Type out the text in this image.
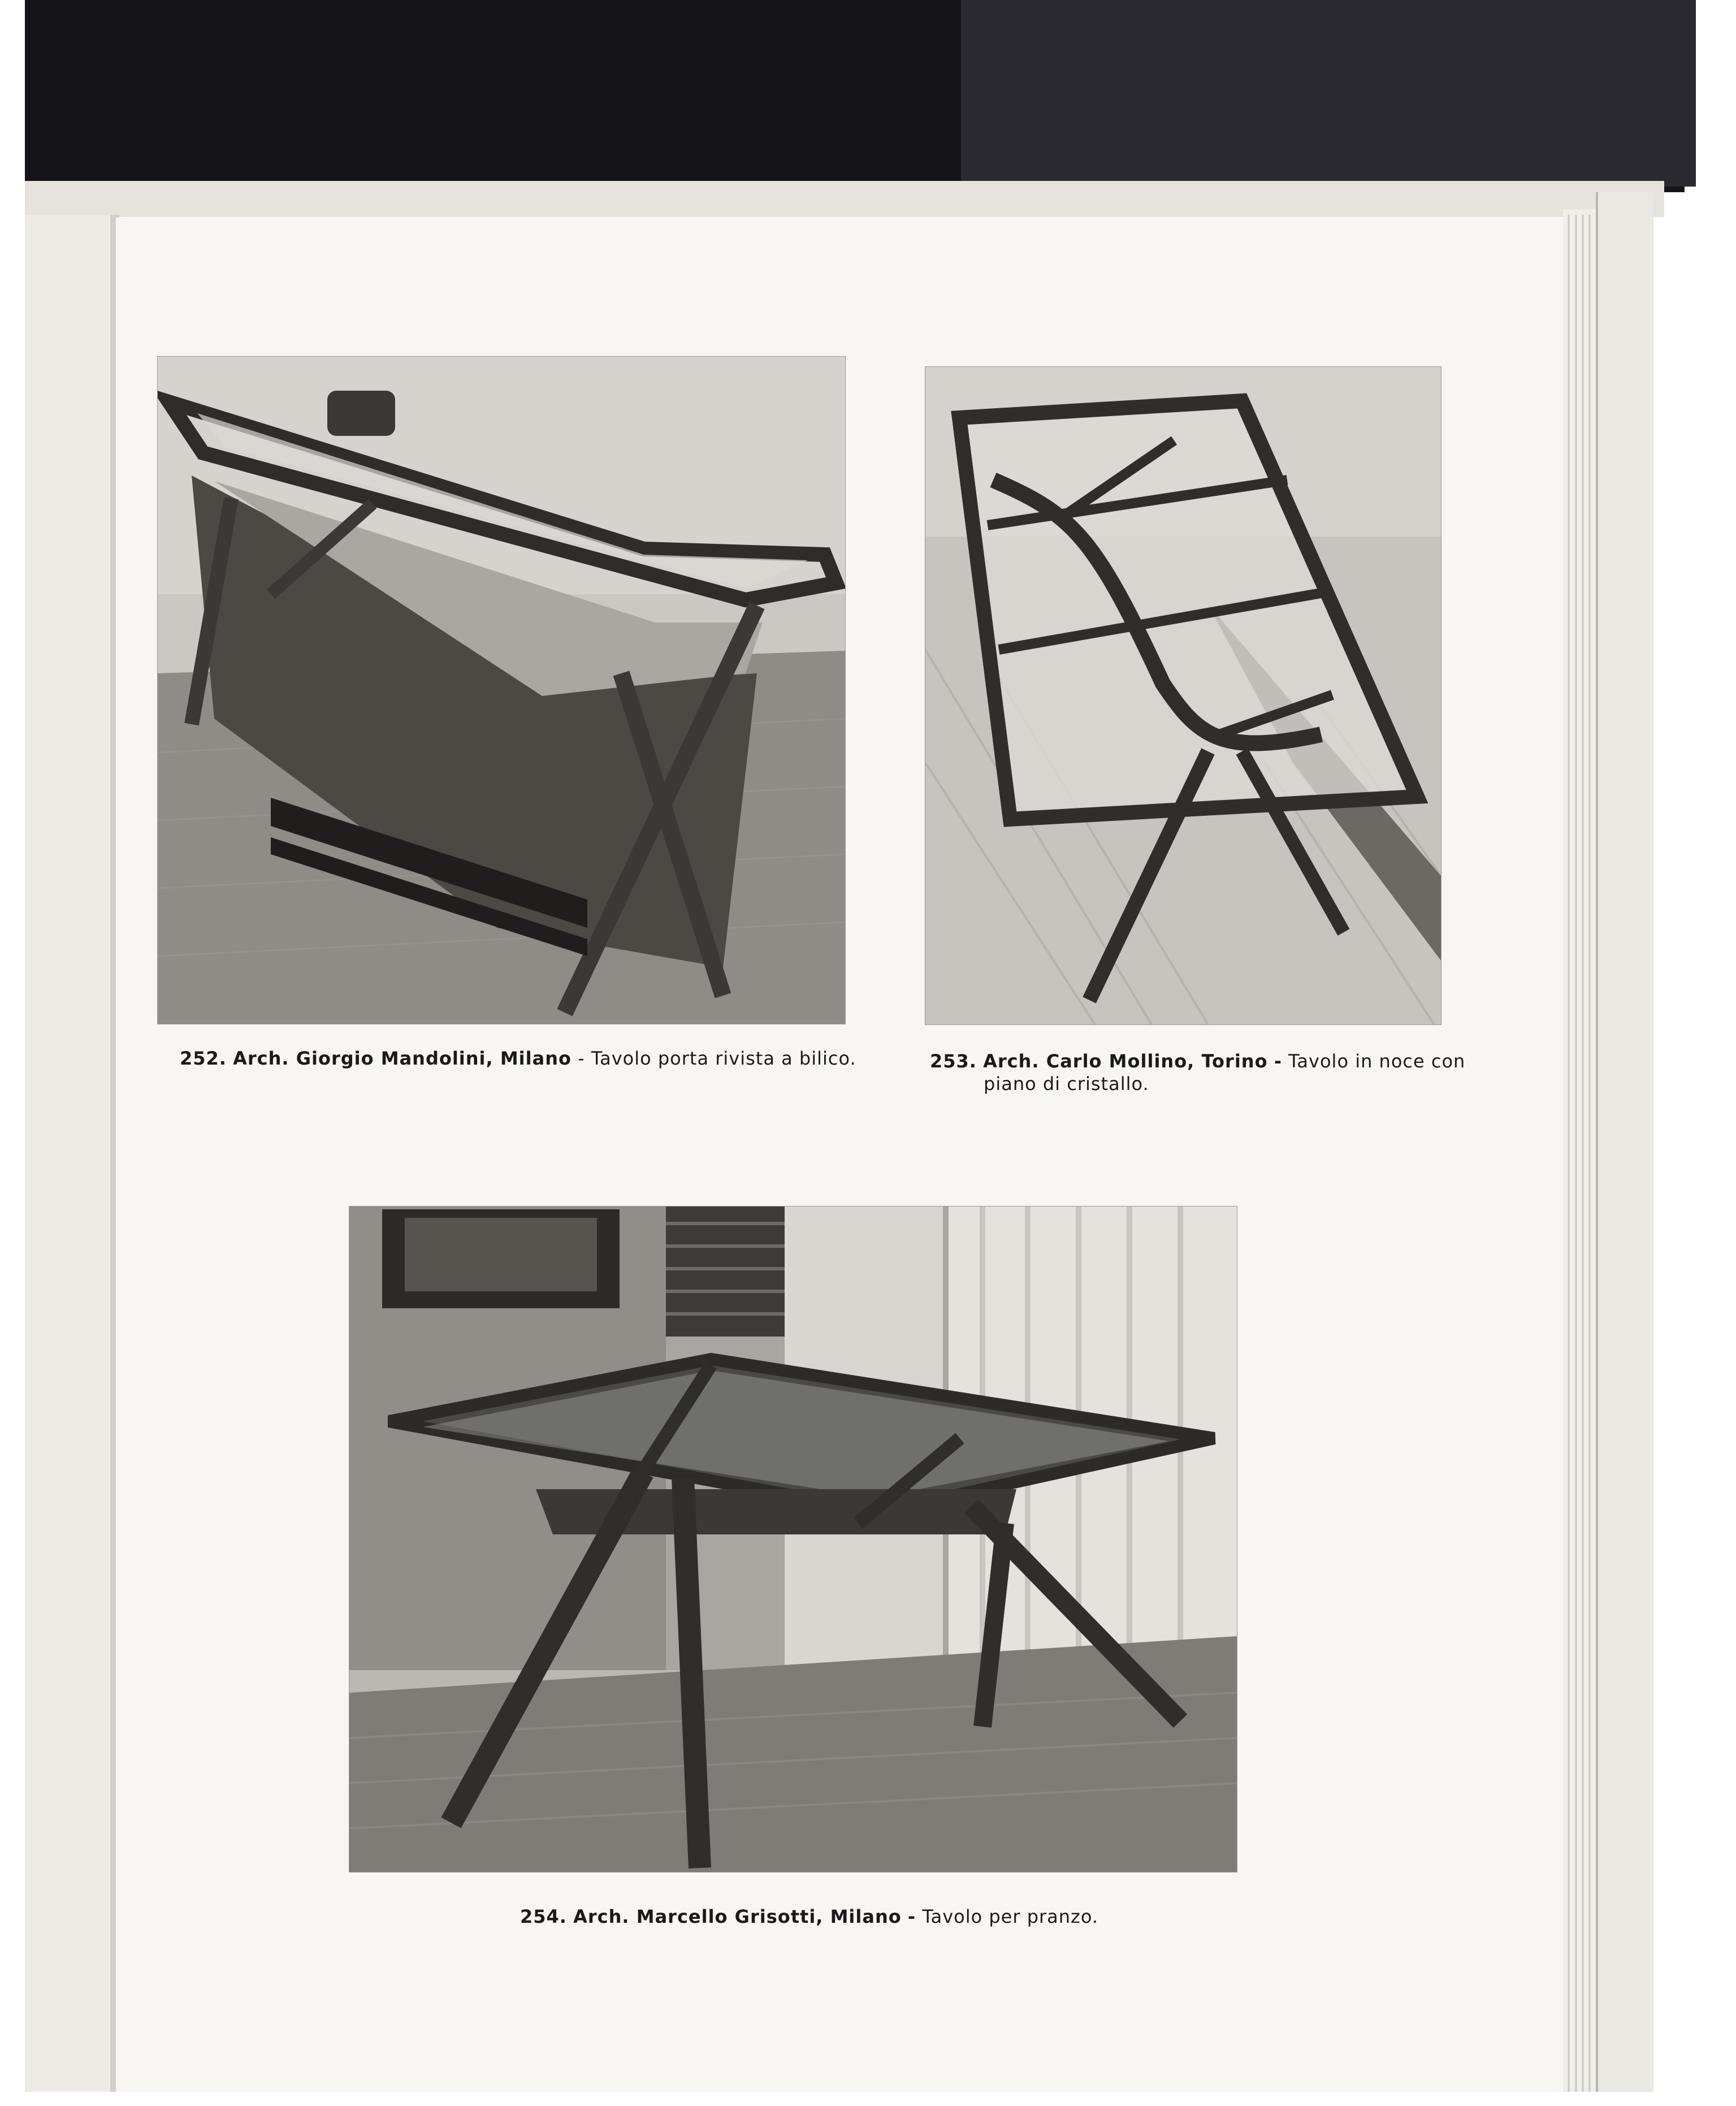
252. Arch. Giorgio Mandolini, Milano - Tavolo porta rivista a bilico.	253. Arch. Carlo Mollino, Torino - Tavolo in noce con
piano di cristallo.
254. Arch. Marcello Grisotti, Milano - Tavolo per pranzo.
